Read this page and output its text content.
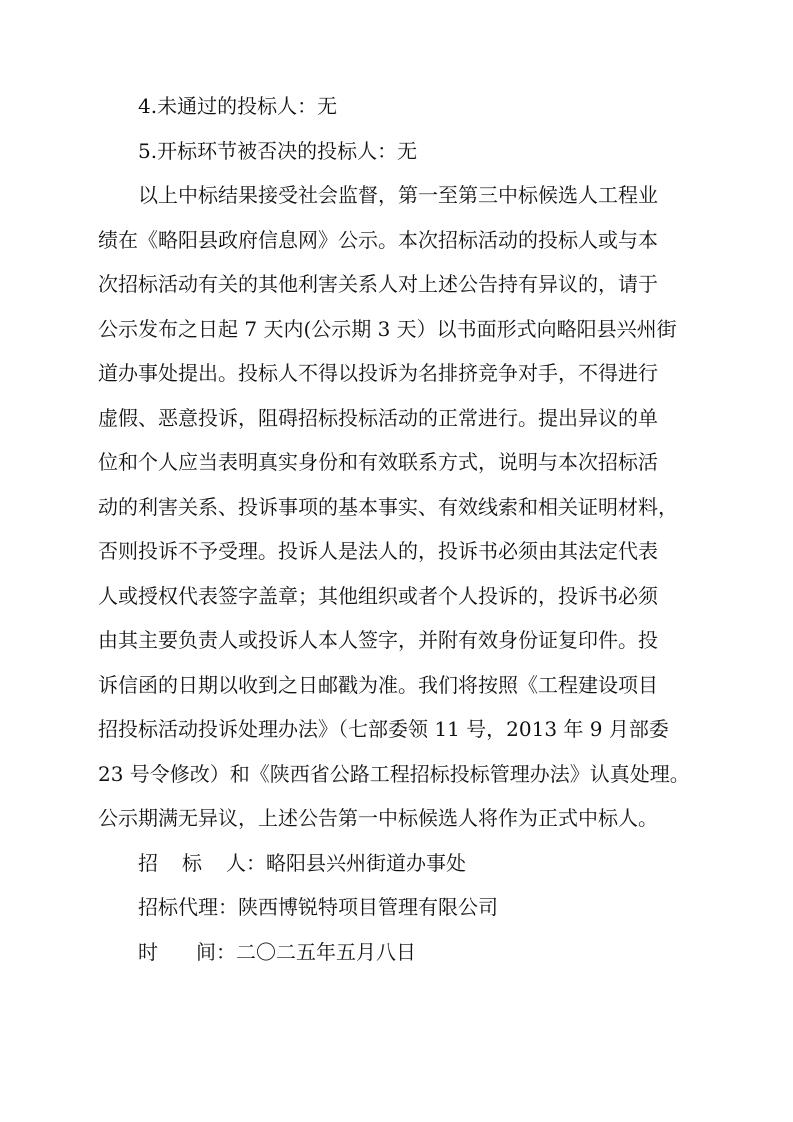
4.未通过的投标人：无
5.开标环节被否决的投标人：无
以上中标结果接受社会监督，第一至第三中标候选人工程业
绩在《略阳县政府信息网》公示。本次招标活动的投标人或与本
次招标活动有关的其他利害关系人对上述公告持有异议的，请于
公示发布之日起 7 天内(公示期 3 天）以书面形式向略阳县兴州街
道办事处提出。投标人不得以投诉为名排挤竞争对手，不得进行
虚假、恶意投诉，阻碍招标投标活动的正常进行。提出异议的单
位和个人应当表明真实身份和有效联系方式，说明与本次招标活
动的利害关系、投诉事项的基本事实、有效线索和相关证明材料，
否则投诉不予受理。投诉人是法人的，投诉书必须由其法定代表
人或授权代表签字盖章；其他组织或者个人投诉的，投诉书必须
由其主要负责人或投诉人本人签字，并附有效身份证复印件。投
诉信函的日期以收到之日邮戳为准。我们将按照《工程建设项目
招投标活动投诉处理办法》（七部委领 11 号，2013 年 9 月部委
23 号令修改）和《陕西省公路工程招标投标管理办法》认真处理。
公示期满无异议，上述公告第一中标候选人将作为正式中标人。
招 标 人：略阳县兴州街道办事处
招标代理：陕西博锐特项目管理有限公司
时 间：二〇二五年五月八日
